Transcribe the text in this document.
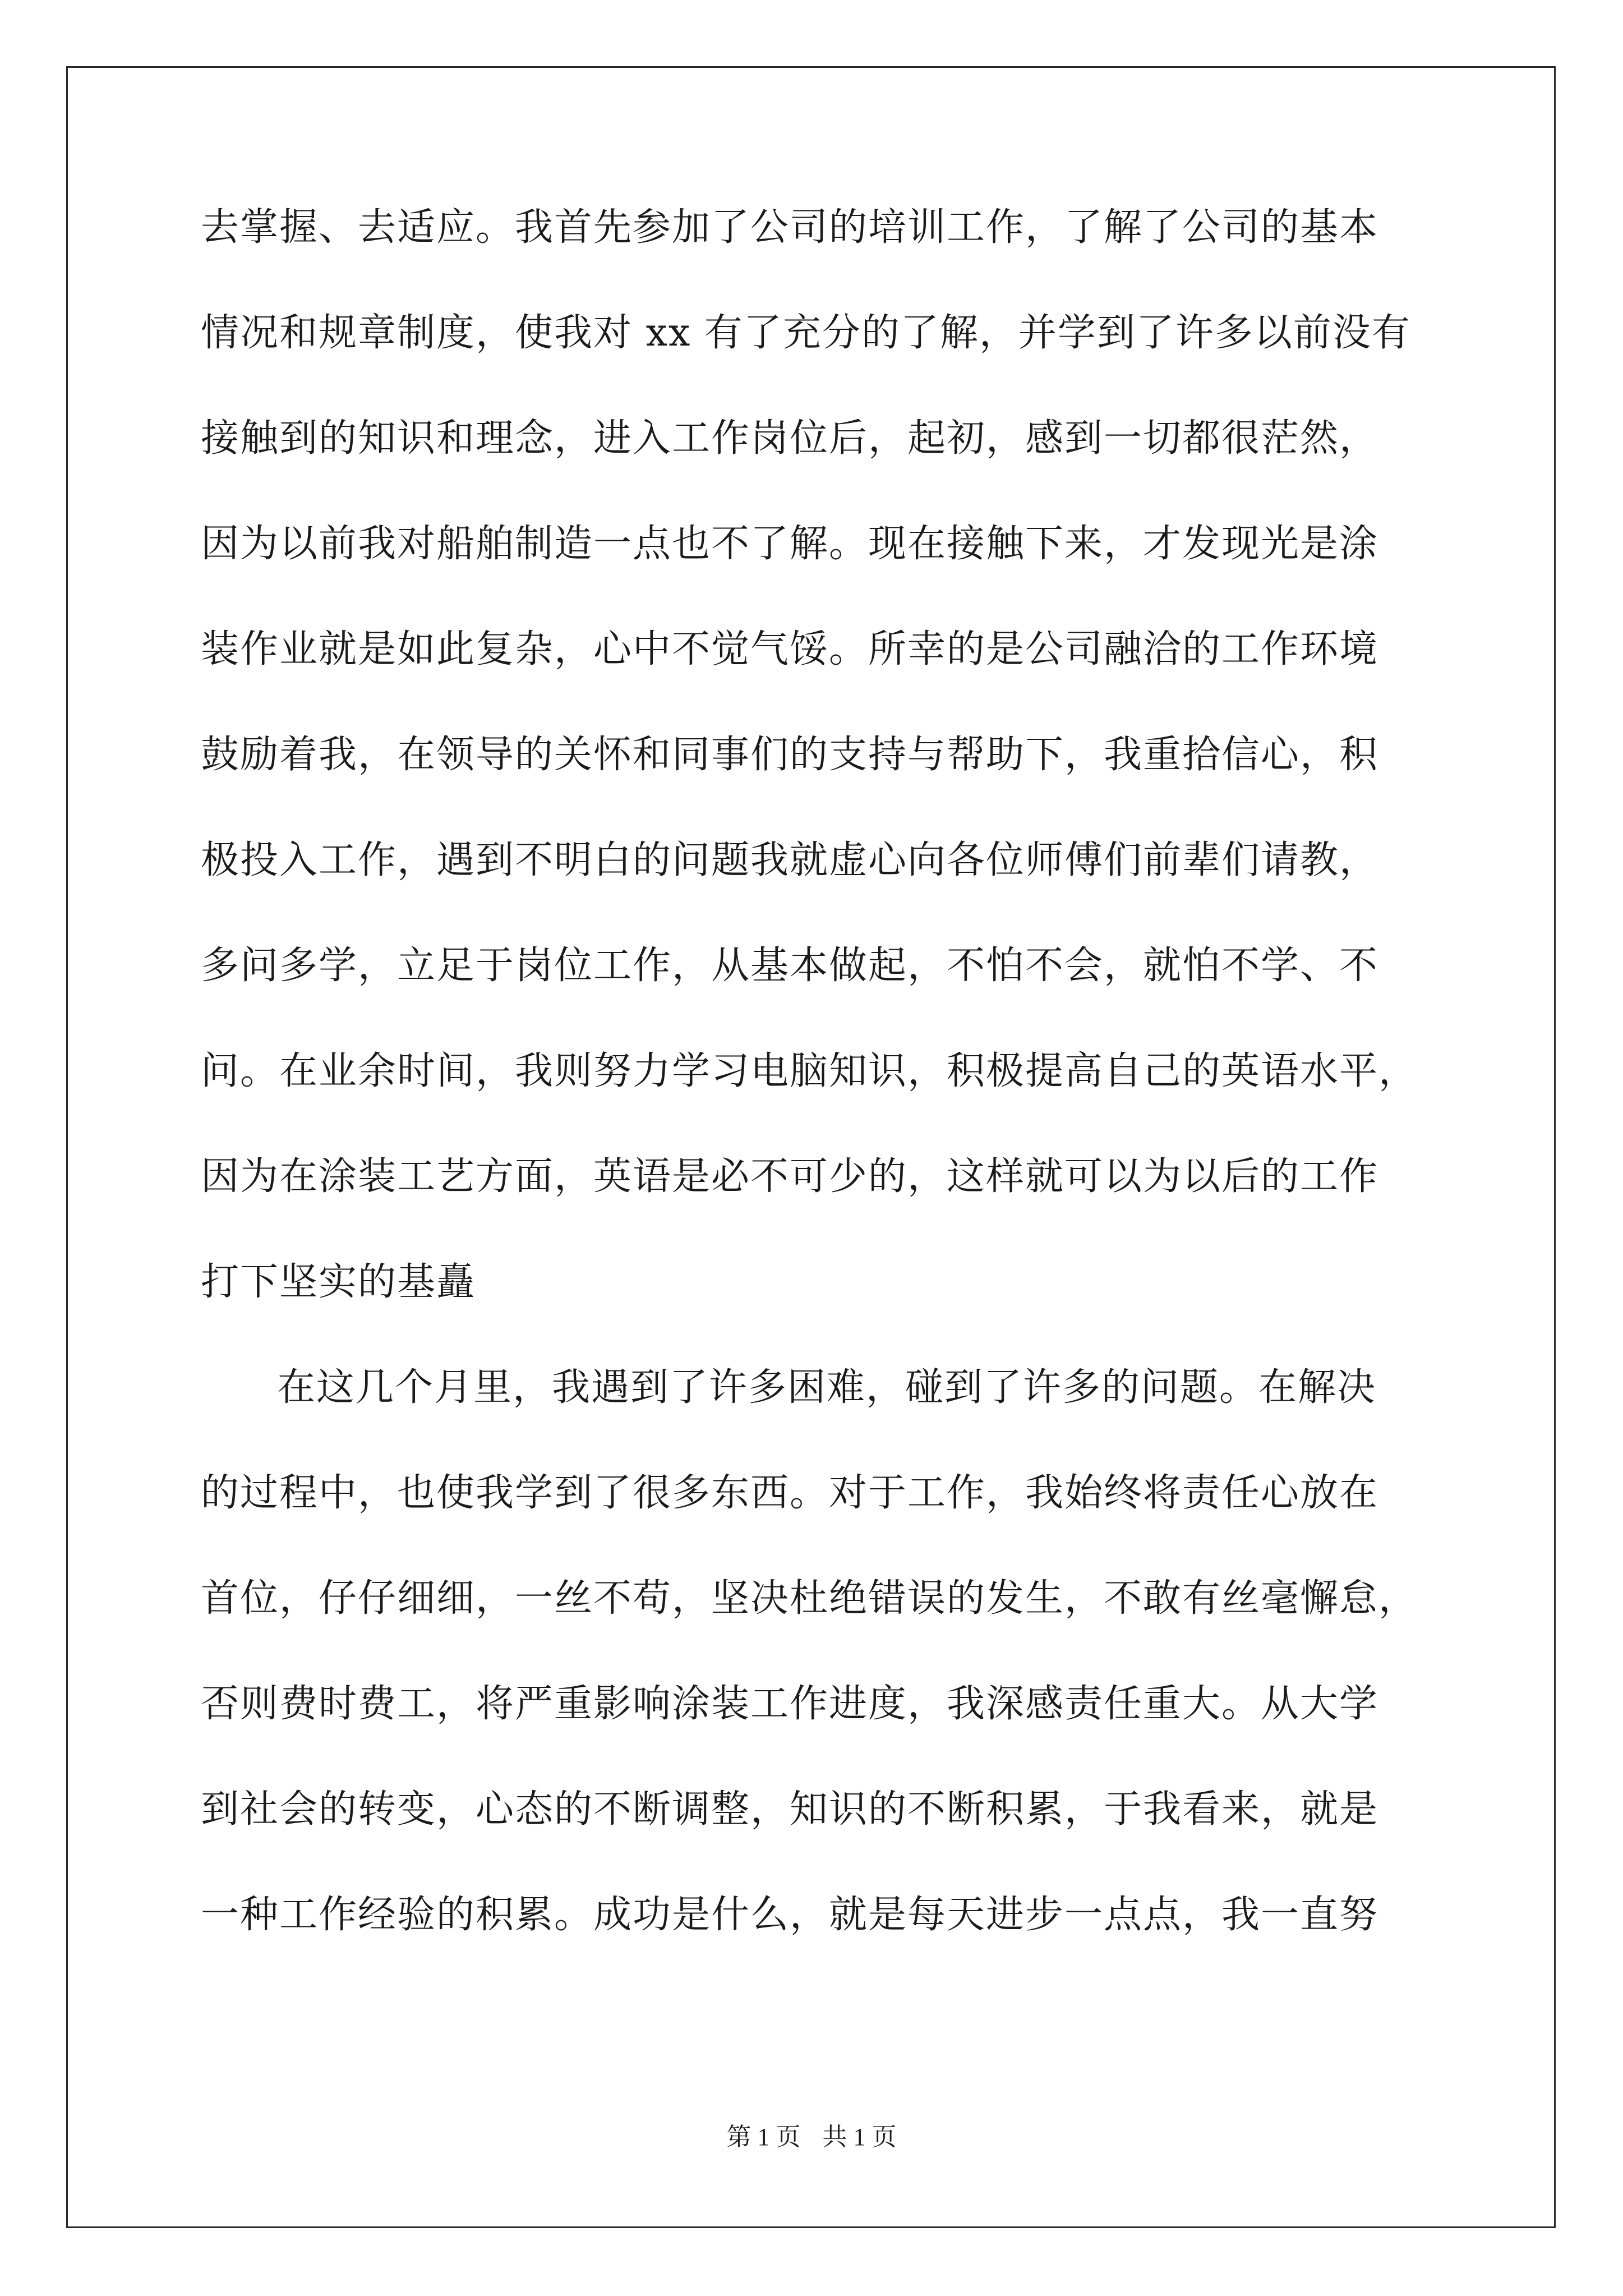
去掌握、去适应。我首先参加了公司的培训工作，了解了公司的基本
情况和规章制度，使我对 xx 有了充分的了解，并学到了许多以前没有
接触到的知识和理念，进入工作岗位后，起初，感到一切都很茫然，
因为以前我对船舶制造一点也不了解。现在接触下来，才发现光是涂
装作业就是如此复杂，心中不觉气馁。所幸的是公司融洽的工作环境
鼓励着我，在领导的关怀和同事们的支持与帮助下，我重拾信心，积
极投入工作，遇到不明白的问题我就虚心向各位师傅们前辈们请教，
多问多学，立足于岗位工作，从基本做起，不怕不会，就怕不学、不
问。在业余时间，我则努力学习电脑知识，积极提高自己的英语水平，
因为在涂装工艺方面，英语是必不可少的，这样就可以为以后的工作
打下坚实的基矗
在这几个月里，我遇到了许多困难，碰到了许多的问题。在解决
的过程中，也使我学到了很多东西。对于工作，我始终将责任心放在
首位，仔仔细细，一丝不苟，坚决杜绝错误的发生，不敢有丝毫懈怠，
否则费时费工，将严重影响涂装工作进度，我深感责任重大。从大学
到社会的转变，心态的不断调整，知识的不断积累，于我看来，就是
一种工作经验的积累。成功是什么，就是每天进步一点点，我一直努
第 1 页 共 1 页
